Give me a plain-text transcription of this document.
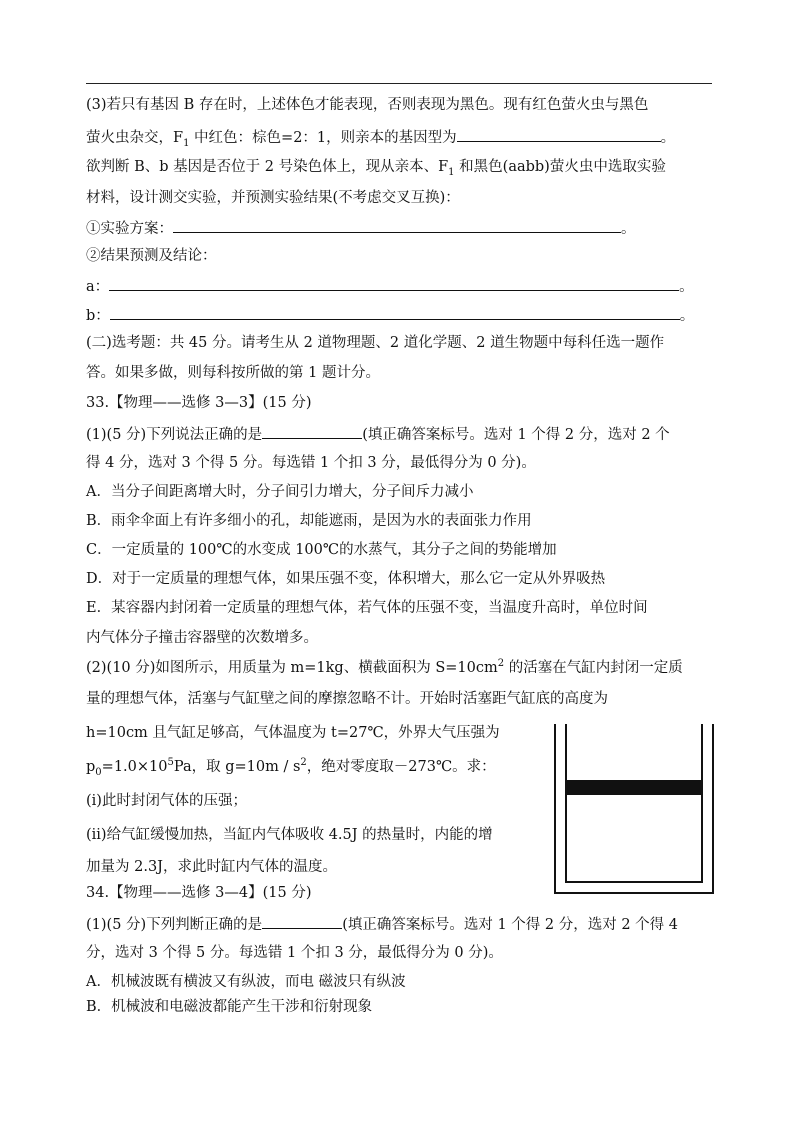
(3)若只有基因 B 存在时，上述体色才能表现，否则表现为黑色。现有红色萤火虫与黑色
萤火虫杂交，$F_1$ 中红色：棕色=2：1，则亲本的基因型为	。
欲判断 B、b 基因是否位于 2 号染色体上，现从亲本、$F_1$ 和黑色(aabb)萤火虫中选取实验
材料，设计测交实验，并预测实验结果(不考虑交叉互换)：
①实验方案：	。
②结果预测及结论：
a：	。
b：	。
(二)选考题：共 45 分。请考生从 2 道物理题、2 道化学题、2 道生物题中每科任选一题作
答。如果多做，则每科按所做的第 1 题计分。
33.【物理——选修 3—3】(15 分)
(1)(5 分)下列说法正确的是	(填正确答案标号。选对 1 个得 2 分，选对 2 个
得 4 分，选对 3 个得 5 分。每选错 1 个扣 3 分，最低得分为 0 分)。
A．当分子间距离增大时，分子间引力增大，分子间斥力减小
B．雨伞伞面上有许多细小的孔，却能遮雨，是因为水的表面张力作用
C．一定质量的 100℃的水变成 100℃的水蒸气，其分子之间的势能增加
D．对于一定质量的理想气体，如果压强不变，体积增大，那么它一定从外界吸热
E．某容器内封闭着一定质量的理想气体，若气体的压强不变，当温度升高时，单位时间
内气体分子撞击容器壁的次数增多。
(2)(10 分)如图所示，用质量为 m=1kg、横截面积为 $S=10cm^2$ 的活塞在气缸内封闭一定质
量的理想气体，活塞与气缸壁之间的摩擦忽略不计。开始时活塞距气缸底的高度为
h=10cm 且气缸足够高，气体温度为 t=27℃，外界大气压强为
$p_0=1.0\times 10^5Pa$，取 $g=10m / s^2$，绝对零度取－273℃。求：
(i)此时封闭气体的压强；
(ii)给气缸缓慢加热，当缸内气体吸收 4.5J 的热量时，内能的增
加量为 2.3J，求此时缸内气体的温度。
34.【物理——选修 3—4】(15 分)
(1)(5 分)下列判断正确的是	(填正确答案标号。选对 1 个得 2 分，选对 2 个得 4
分，选对 3 个得 5 分。每选错 1 个扣 3 分，最低得分为 0 分)。
A．机械波既有横波又有纵波，而电 磁波只有纵波
B．机械波和电磁波都能产生干涉和衍射现象
